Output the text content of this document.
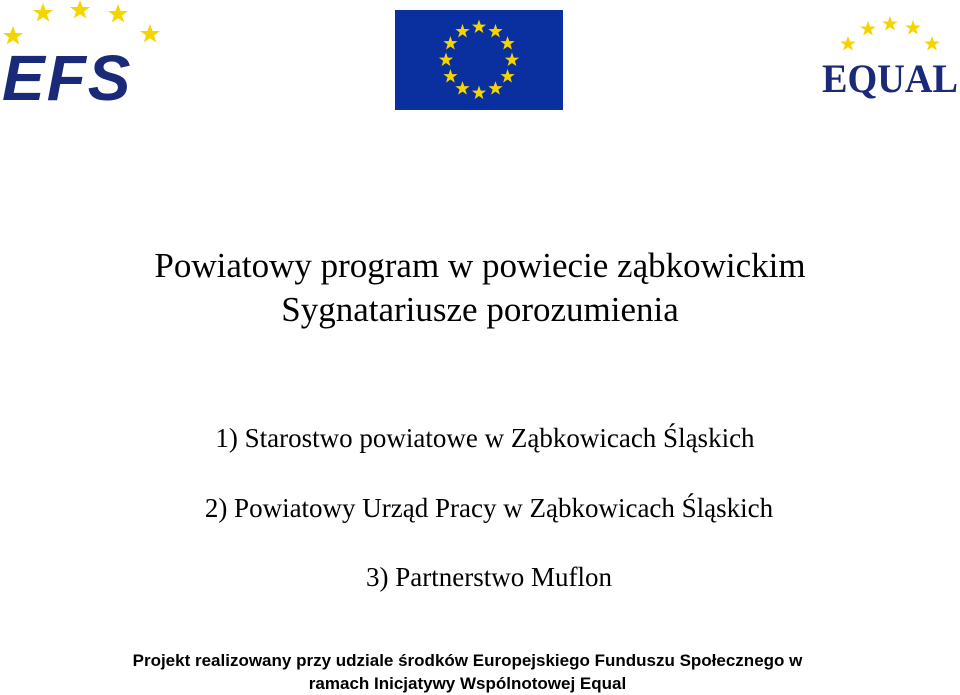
EFS	EQUAL
Powiatowy program w powiecie ząbkowickim
Sygnatariusze porozumienia
1) Starostwo powiatowe w Ząbkowicach Śląskich
2) Powiatowy Urząd Pracy w Ząbkowicach Śląskich
3) Partnerstwo Muflon
Projekt realizowany przy udziale środków Europejskiego Funduszu Społecznego w
ramach Inicjatywy Wspólnotowej Equal
